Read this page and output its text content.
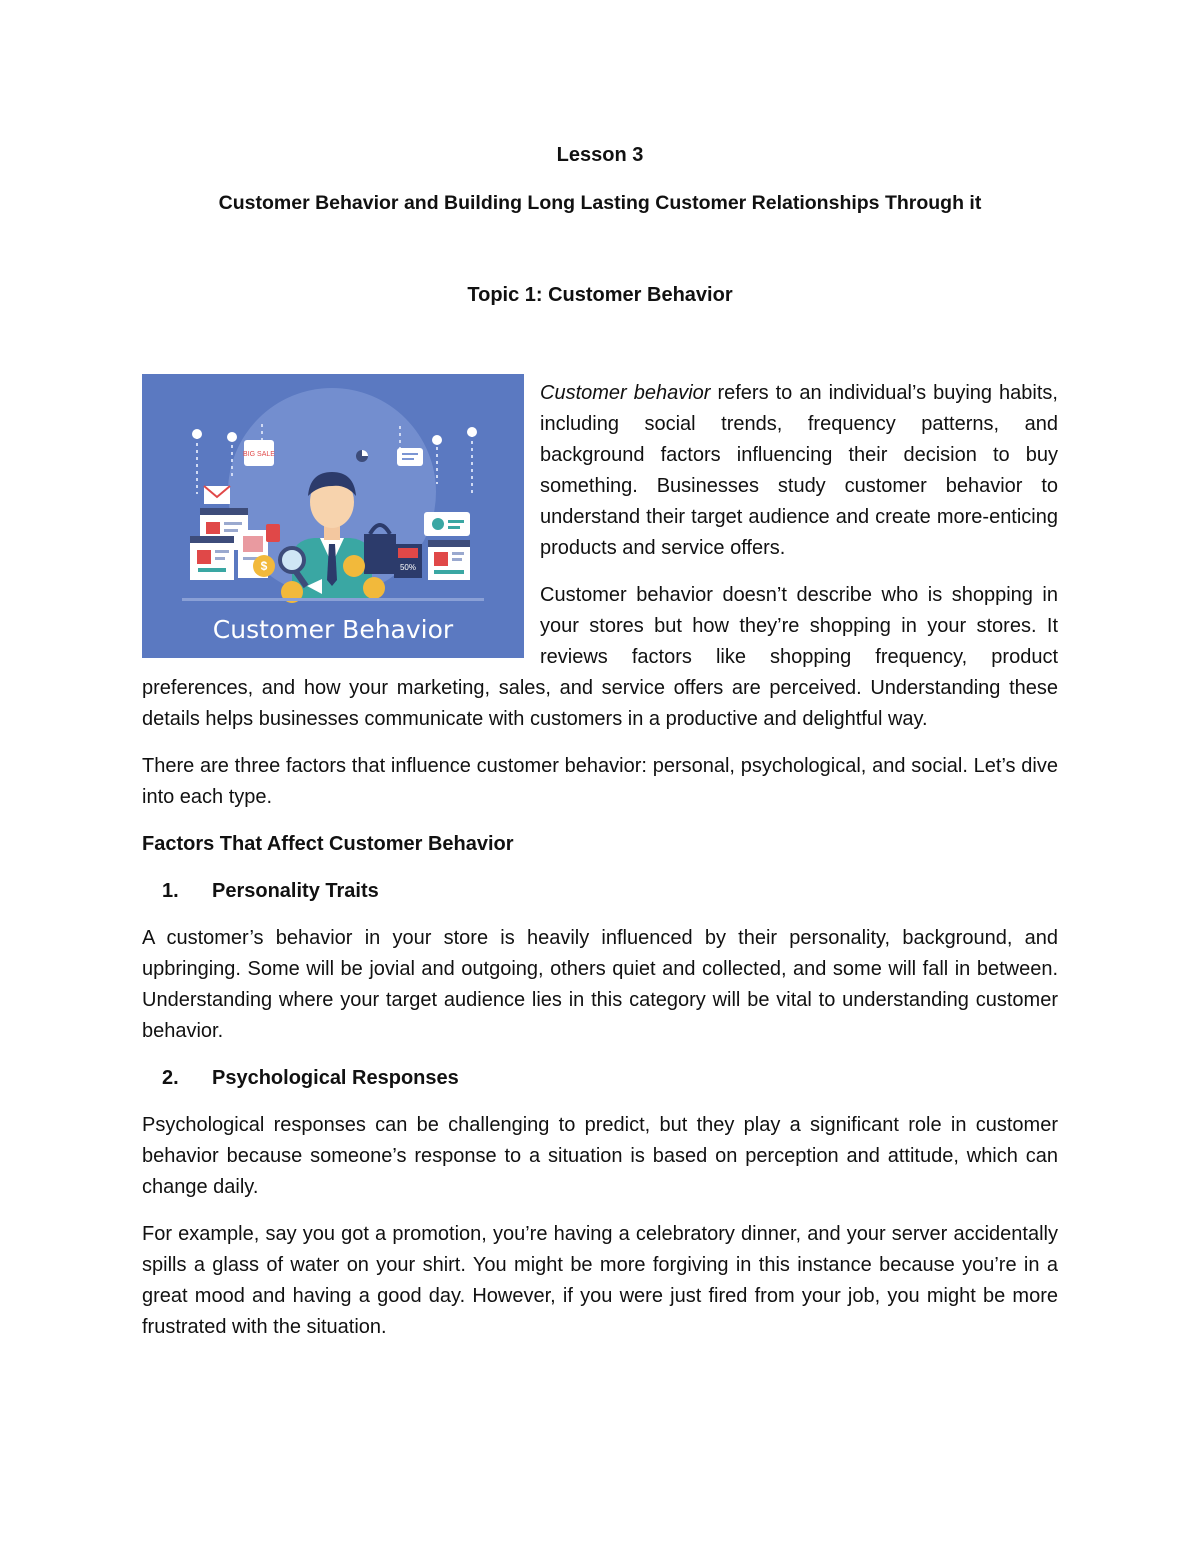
Lesson 3
Customer Behavior and Building Long Lasting Customer Relationships Through it
Topic 1: Customer Behavior
BIG SALE
$	50%
Customer Behavior

Customer behavior refers to an individual’s buying habits, including social trends, frequency patterns, and background factors influencing their decision to buy something. Businesses study customer behavior to understand their target audience and create more-enticing products and service offers.

Customer behavior doesn’t describe who is shopping in your stores but how they’re shopping in your stores. It reviews factors like shopping frequency, product preferences, and how your marketing, sales, and service offers are perceived. Understanding these details helps businesses communicate with customers in a productive and delightful way.

There are three factors that influence customer behavior: personal, psychological, and social. Let’s dive into each type.

Factors That Affect Customer Behavior
1. Personality Traits

A customer’s behavior in your store is heavily influenced by their personality, background, and upbringing. Some will be jovial and outgoing, others quiet and collected, and some will fall in between. Understanding where your target audience lies in this category will be vital to understanding customer behavior.

2. Psychological Responses

Psychological responses can be challenging to predict, but they play a significant role in customer behavior because someone’s response to a situation is based on perception and attitude, which can change daily.

For example, say you got a promotion, you’re having a celebratory dinner, and your server accidentally spills a glass of water on your shirt. You might be more forgiving in this instance because you’re in a great mood and having a good day. However, if you were just fired from your job, you might be more frustrated with the situation.
